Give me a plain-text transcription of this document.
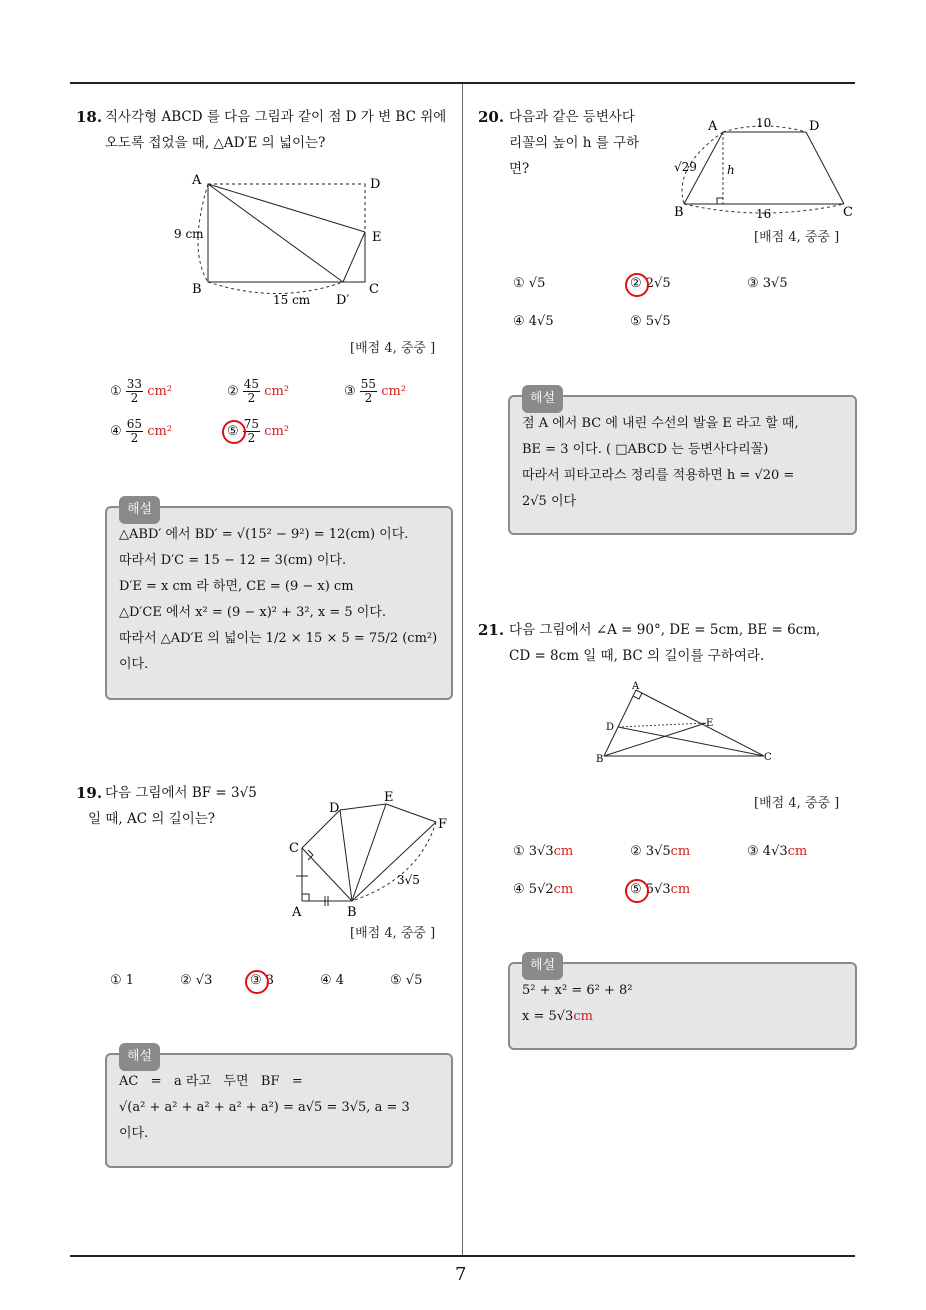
7
18. 직사각형 ABCD 를 다음 그림과 같이 점 D 가 변 BC 위에 오도록 접었을 때, △AD′E 의 넓이는?
A	D
E
B	C
D′
9 cm
15 cm
[배점 4, 중중 ]
① $\frac{33}{2} cm^2$	② $\frac{45}{2} cm^2$	③ $\frac{55}{2} cm^2$
④ $\frac{65}{2} cm^2$	⑤ $\frac{75}{2} cm^2$
해설
△ABD′ 에서 BD′ = √(15² − 9²) = 12(cm) 이다.
따라서 D′C = 15 − 12 = 3(cm) 이다.
D′E = x cm 라 하면, CE = (9 − x) cm
△D′CE 에서 x² = (9 − x)² + 3², x = 5 이다.
따라서 △AD′E 의 넓이는 1/2 × 15 × 5 = 75/2 (cm²)
이다.
19. 다음 그림에서 BF = 3√5
일 때, AC 의 길이는?
C
A	B
D
E
F
3√5
[배점 4, 중중 ]
① 1	② √3	③ 3	④ 4	⑤ √5
해설
AC   =   a 라고   두면   BF   =
√(a² + a² + a² + a² + a²) = a√5 = 3√5, a = 3
이다.
20. 다음과 같은 등변사다
리꼴의 높이 h 를 구하
면?
A	D
B	C
10
16
√29	h
[배점 4, 중중 ]
① √5	② 2√5	③ 3√5
④ 4√5	⑤ 5√5
해설
점 A 에서 BC 에 내린 수선의 발을 E 라고 할 때,
BE = 3 이다. ( □ABCD 는 등변사다리꼴)
따라서 피타고라스 정리를 적용하면 h = √20 =
2√5 이다
21. 다음 그림에서 ∠A = 90°, DE = 5cm, BE = 6cm,
CD = 8cm 일 때, BC 의 길이를 구하여라.
A
D	E
B	C
[배점 4, 중중 ]
① 3√3cm	② 3√5cm	③ 4√3cm
④ 5√2cm	⑤ 5√3cm
해설
5² + x² = 6² + 8²
x = 5√3cm
